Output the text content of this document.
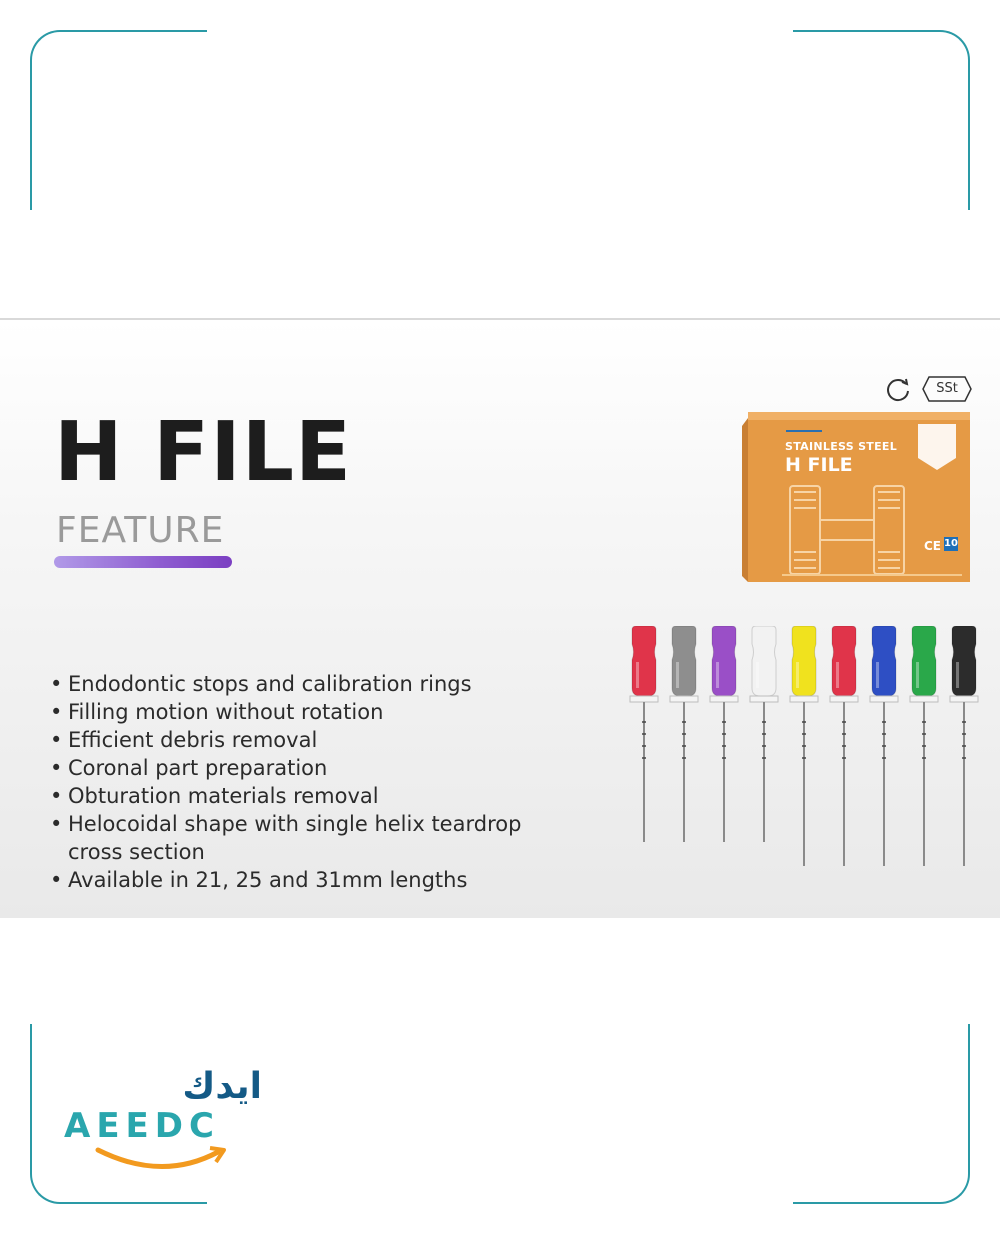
H FILE
FEATURE
• Endodontic stops and calibration rings
• Filling motion without rotation
• Efficient debris removal
• Coronal part preparation
• Obturation materials removal
• Helocoidal shape with single helix teardrop cross section
• Available in 21, 25 and 31mm lengths
SSt
CE
STAINLESS STEEL
H FILE
10
ايدك
AEEDC
